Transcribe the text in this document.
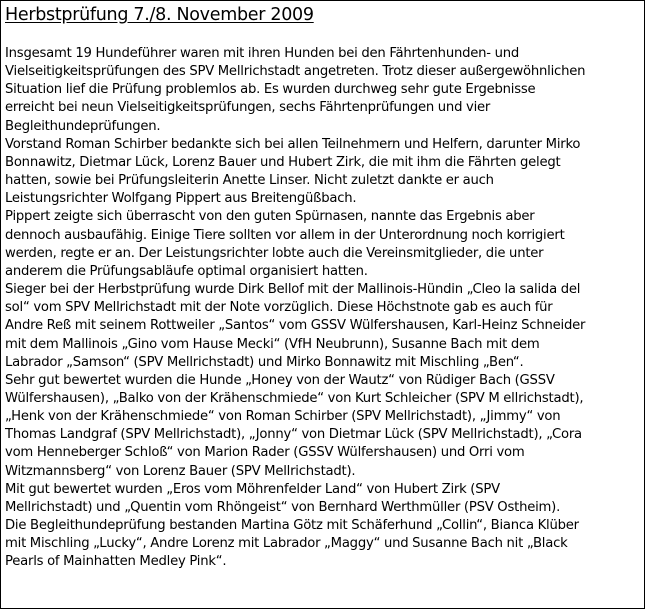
Herbstprüfung 7./8. November 2009

Insgesamt 19 Hundeführer waren mit ihren Hunden bei den Fährtenhunden- und
Vielseitigkeitsprüfungen des SPV Mellrichstadt angetreten. Trotz dieser außergewöhnlichen
Situation lief die Prüfung problemlos ab. Es wurden durchweg sehr gute Ergebnisse
erreicht bei neun Vielseitigkeitsprüfungen, sechs Fährtenprüfungen und vier
Begleithundeprüfungen.

Vorstand Roman Schirber bedankte sich bei allen Teilnehmern und Helfern, darunter Mirko
Bonnawitz, Dietmar Lück, Lorenz Bauer und Hubert Zirk, die mit ihm die Fährten gelegt
hatten, sowie bei Prüfungsleiterin Anette Linser. Nicht zuletzt dankte er auch
Leistungsrichter Wolfgang Pippert aus Breitengüßbach.

Pippert zeigte sich überrascht von den guten Spürnasen, nannte das Ergebnis aber
dennoch ausbaufähig. Einige Tiere sollten vor allem in der Unterordnung noch korrigiert
werden, regte er an. Der Leistungsrichter lobte auch die Vereinsmitglieder, die unter
anderem die Prüfungsabläufe optimal organisiert hatten.

Sieger bei der Herbstprüfung wurde Dirk Bellof mit der Mallinois-Hündin „Cleo la salida del
sol“ vom SPV Mellrichstadt mit der Note vorzüglich. Diese Höchstnote gab es auch für
Andre Reß mit seinem Rottweiler „Santos“ vom GSSV Wülfershausen, Karl-Heinz Schneider
mit dem Mallinois „Gino vom Hause Mecki“ (VfH Neubrunn), Susanne Bach mit dem
Labrador „Samson“ (SPV Mellrichstadt) und Mirko Bonnawitz mit Mischling „Ben“.

Sehr gut bewertet wurden die Hunde „Honey von der Wautz“ von Rüdiger Bach (GSSV
Wülfershausen), „Balko von der Krähenschmiede“ von Kurt Schleicher (SPV M ellrichstadt),
„Henk von der Krähenschmiede“ von Roman Schirber (SPV Mellrichstadt), „Jimmy“ von
Thomas Landgraf (SPV Mellrichstadt), „Jonny“ von Dietmar Lück (SPV Mellrichstadt), „Cora
vom Henneberger Schloß“ von Marion Rader (GSSV Wülfershausen) und Orri vom
Witzmannsberg“ von Lorenz Bauer (SPV Mellrichstadt).

Mit gut bewertet wurden „Eros vom Möhrenfelder Land“ von Hubert Zirk (SPV
Mellrichstadt) und „Quentin vom Rhöngeist“ von Bernhard Werthmüller (PSV Ostheim).

Die Begleithundeprüfung bestanden Martina Götz mit Schäferhund „Collin“, Bianca Klüber
mit Mischling „Lucky“, Andre Lorenz mit Labrador „Maggy“ und Susanne Bach nit „Black
Pearls of Mainhatten Medley Pink“.
